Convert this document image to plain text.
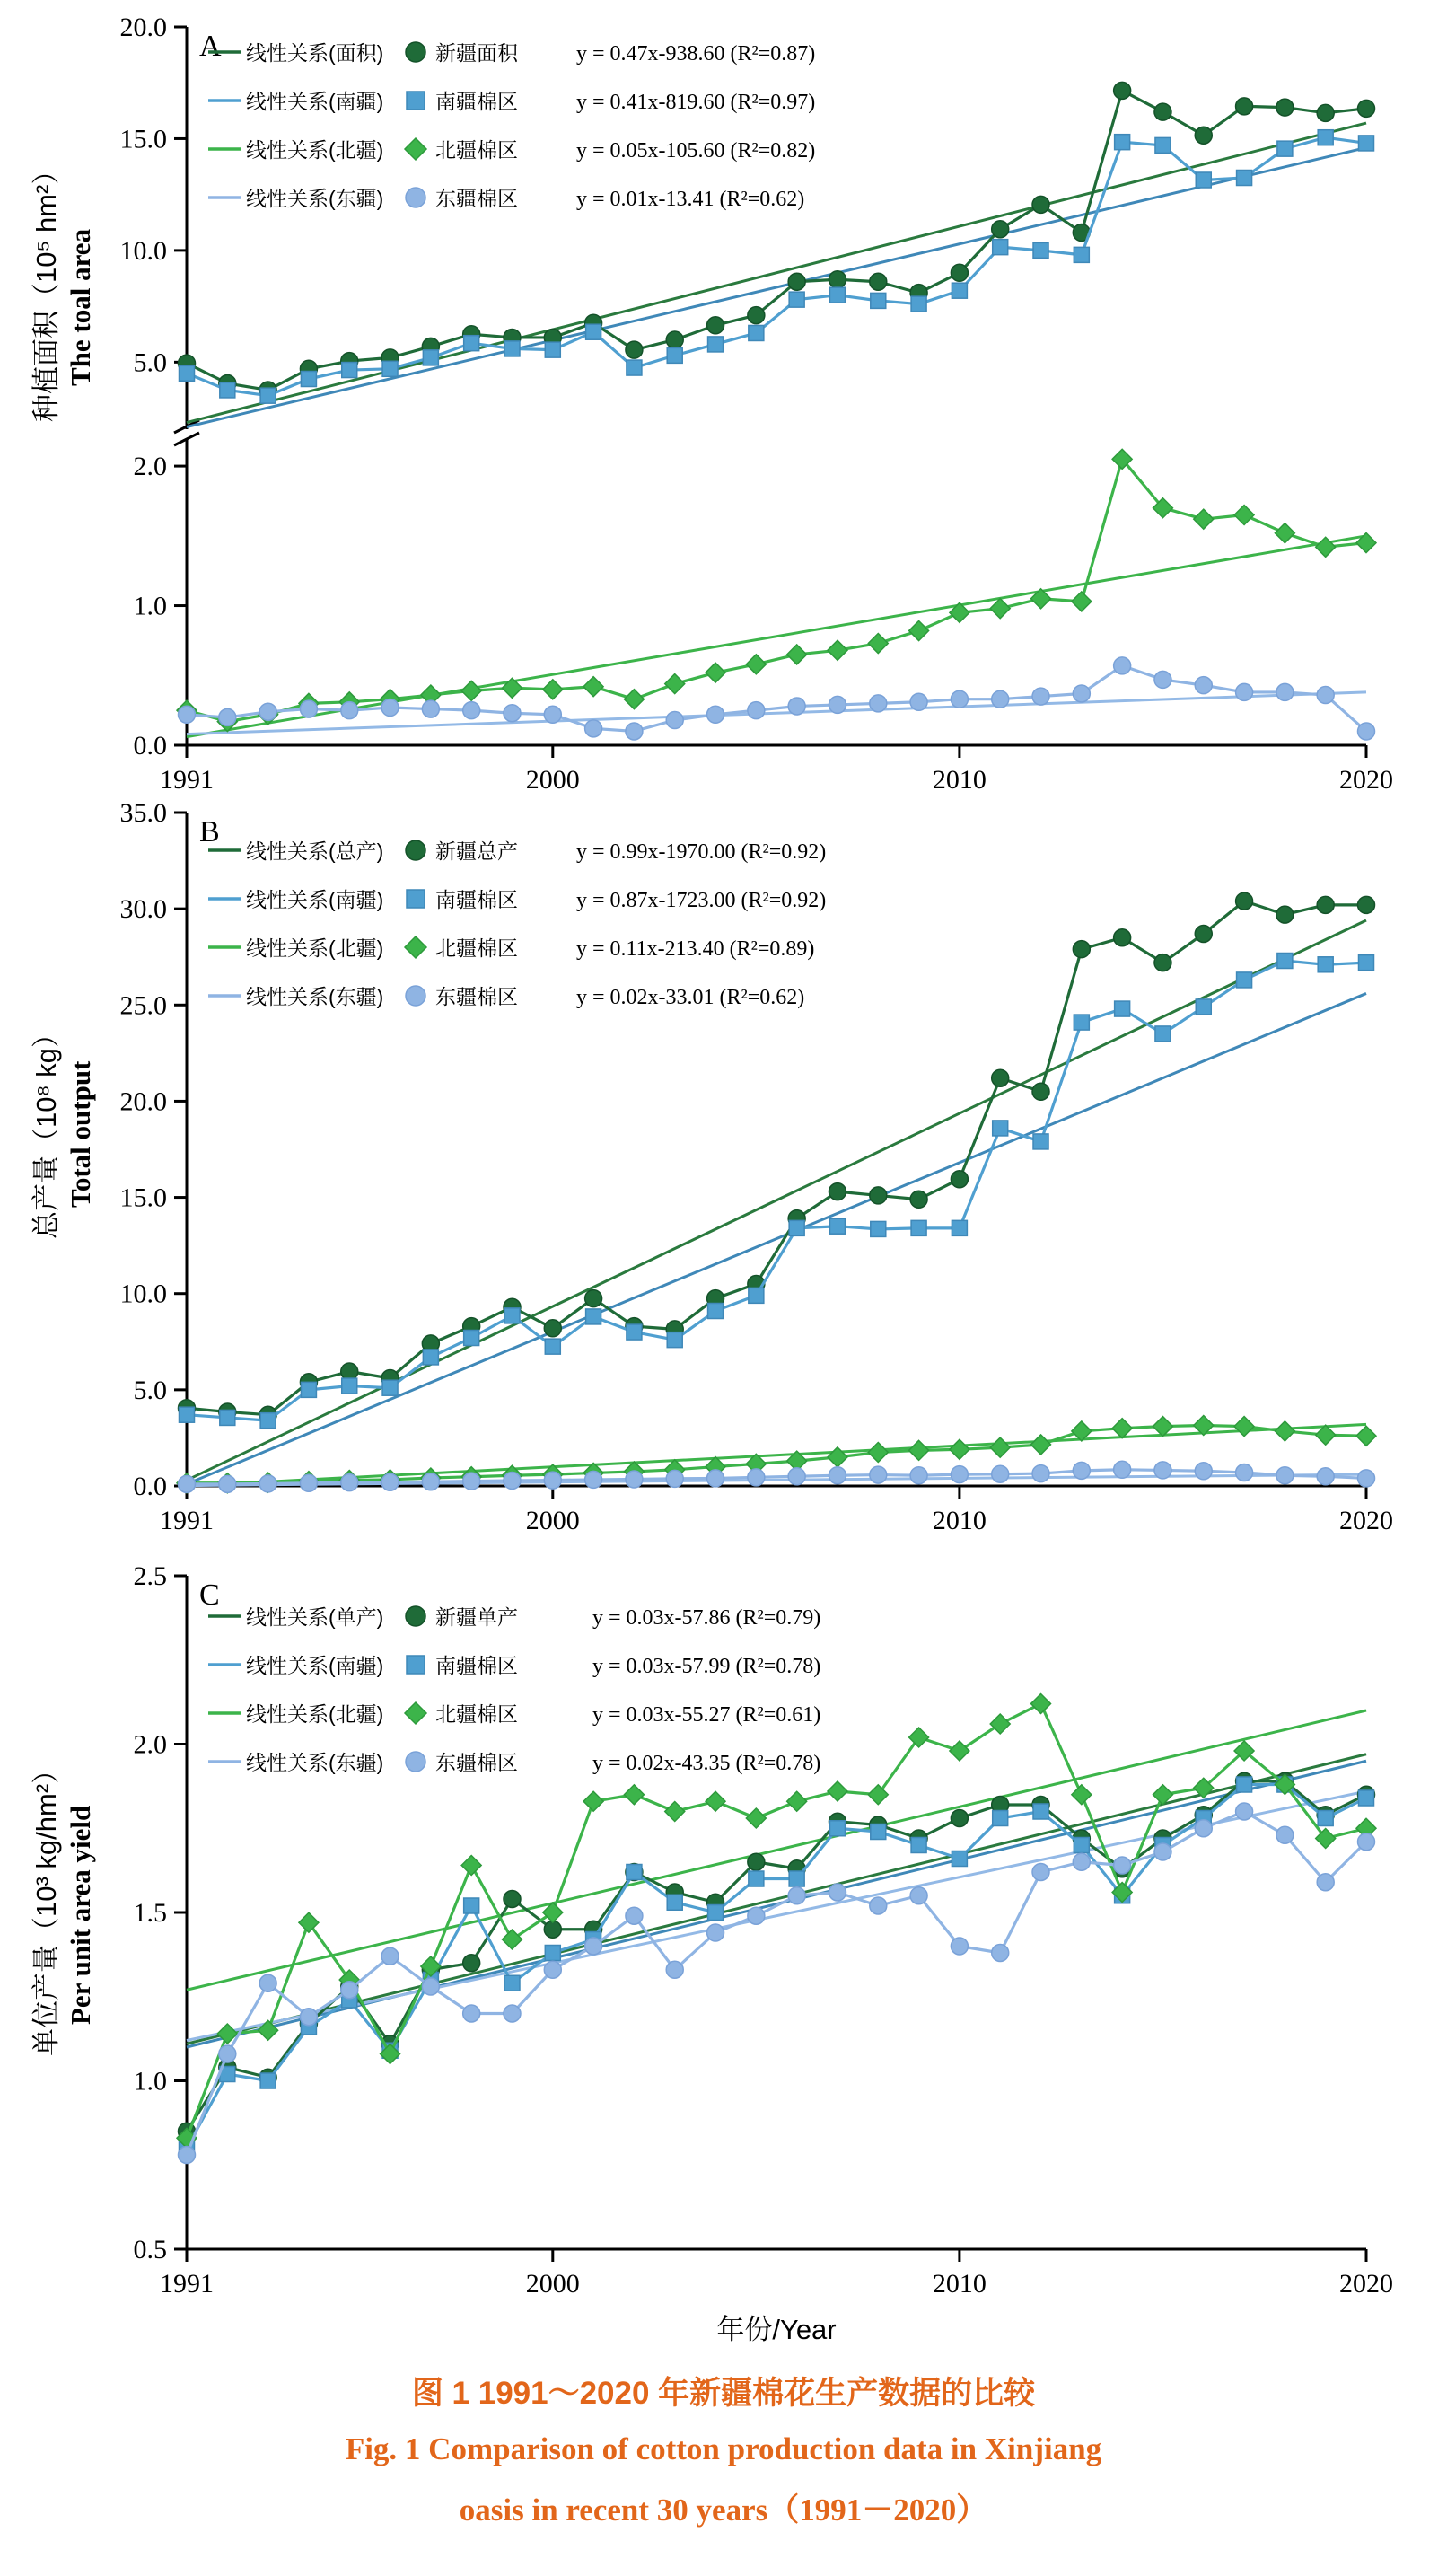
5.0
10.0
15.0
20.0
0.0
1.0
2.0
1991	2000	2010	2020
A
种植面积（10⁵ hm²） The toal area
0.0
5.0
10.0
15.0
20.0
25.0
30.0
35.0
1991	2000	2010	2020
B
总产量（10⁸ kg） Total output
0.5
1.0
1.5
2.0
2.5
1991	2000	2010	2020
C
单位产量（10³ kg/hm²） Per unit area yield
年份/Year
线性关系(面积)
线性关系(南疆)
线性关系(北疆)
线性关系(东疆)
新疆面积
南疆棉区
北疆棉区
东疆棉区
y = 0.47x-938.60 (R²=0.87)
y = 0.41x-819.60 (R²=0.97)
y = 0.05x-105.60 (R²=0.82)
y = 0.01x-13.41 (R²=0.62)
线性关系(总产)
线性关系(南疆)
线性关系(北疆)
线性关系(东疆)
新疆总产
南疆棉区
北疆棉区
东疆棉区
y = 0.99x-1970.00 (R²=0.92)
y = 0.87x-1723.00 (R²=0.92)
y = 0.11x-213.40 (R²=0.89)
y = 0.02x-33.01 (R²=0.62)
线性关系(单产)
线性关系(南疆)
线性关系(北疆)
线性关系(东疆)
新疆单产
南疆棉区
北疆棉区
东疆棉区
y = 0.03x-57.86 (R²=0.79)
y = 0.03x-57.99 (R²=0.78)
y = 0.03x-55.27 (R²=0.61)
y = 0.02x-43.35 (R²=0.78)
图 1 1991～2020 年新疆棉花生产数据的比较
Fig. 1 Comparison of cotton production data in Xinjiang
oasis in recent 30 years（1991－2020）
